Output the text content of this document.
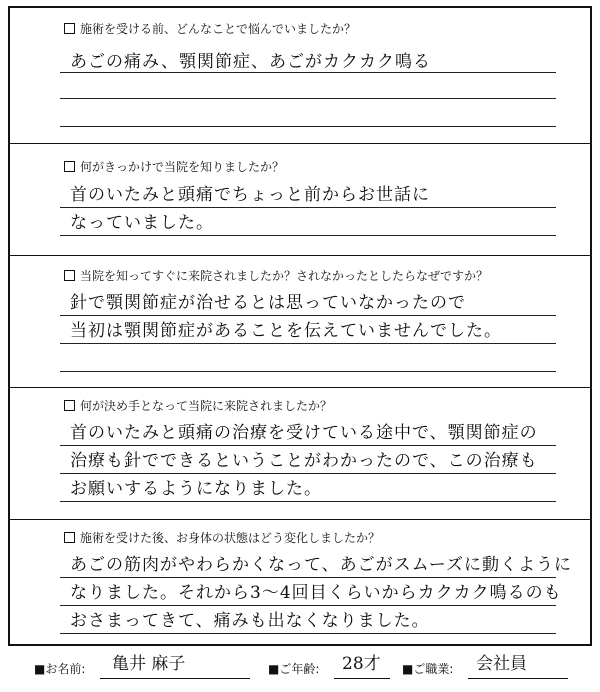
施術を受ける前、どんなことで悩んでいましたか？
あごの痛み、顎関節症、あごがカクカク鳴る
何がきっかけで当院を知りましたか？
首のいたみと頭痛でちょっと前からお世話に
なっていました。
当院を知ってすぐに来院されましたか？されなかったとしたらなぜですか？
針で顎関節症が治せるとは思っていなかったので
当初は顎関節症があることを伝えていませんでした。
何が決め手となって当院に来院されましたか？
首のいたみと頭痛の治療を受けている途中で、顎関節症の
治療も針でできるということがわかったので、この治療も
お願いするようになりました。
施術を受けた後、お身体の状態はどう変化しましたか？
あごの筋肉がやわらかくなって、あごがスムーズに動くように
なりました。それから3〜4回目くらいからカクカク鳴るのも
おさまってきて、痛みも出なくなりました。
■お名前: 亀井 麻子	■ご年齢: 28才 ■ご職業: 会社員
